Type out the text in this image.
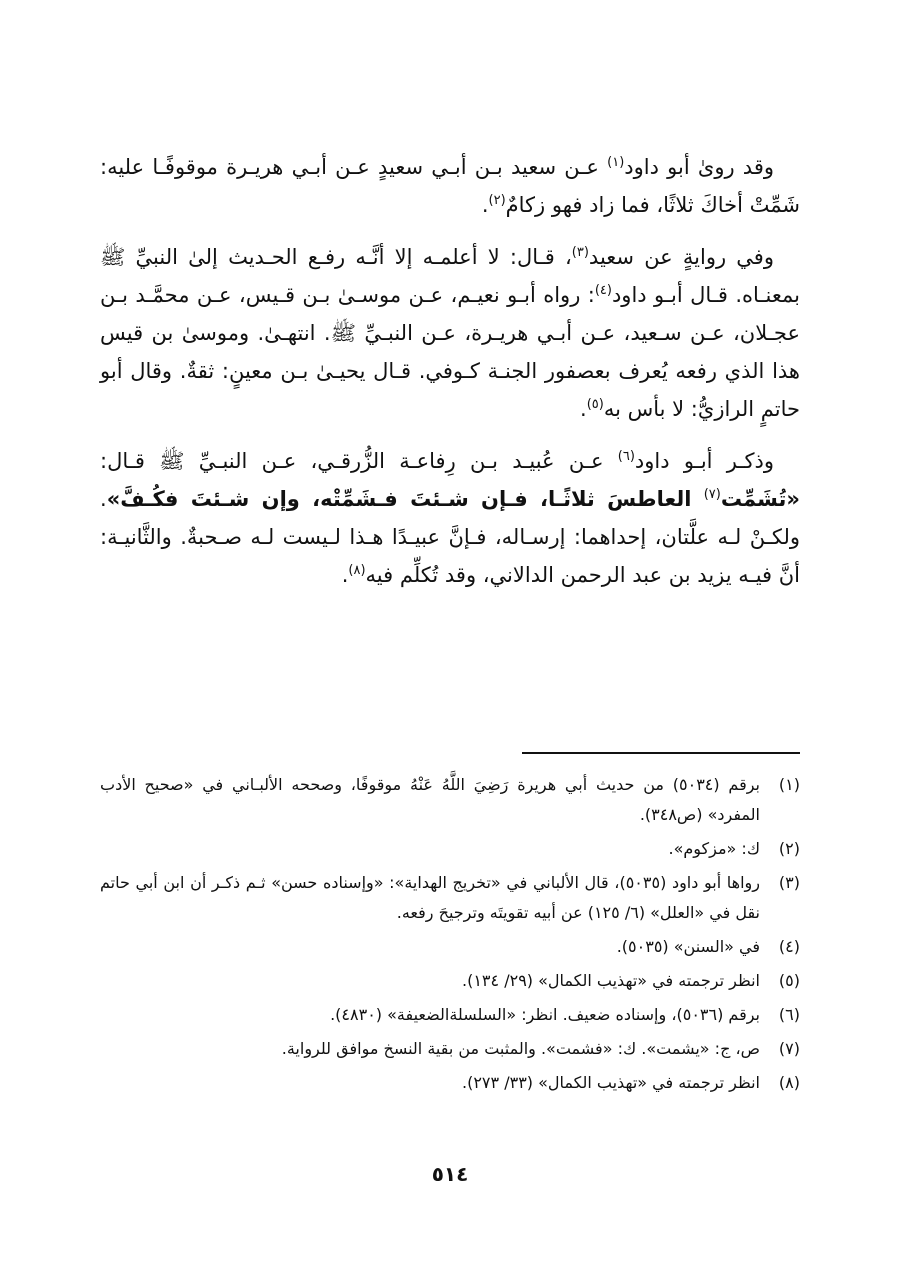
وقد روىٰ أبو داود$^{(١)}$ عـن سعيد بـن أبـي سعيدٍ عـن أبـي هريـرة موقوفًـا عليه: شَمِّتْ أخاكَ ثلاثًا، فما زاد فهو زكامٌ$^{(٢)}$.

وفي روايةٍ عن سعيد$^{(٣)}$، قـال: لا أعلمـه إلا أنَّـه رفـع الحـديث إلىٰ النبيِّ ﷺ بمعنـاه. قـال أبـو داود$^{(٤)}$: رواه أبـو نعيـم، عـن موسـىٰ بـن قـيس، عـن محمَّـد بـن عجـلان، عـن سـعيد، عـن أبـي هريـرة، عـن النبـيِّ ﷺ. انتهـىٰ. وموسىٰ بن قيس هذا الذي رفعه يُعرف بعصفور الجنـة كـوفي. قـال يحيـىٰ بـن معينٍ: ثقةٌ. وقال أبو حاتمٍ الرازيُّ: لا بأس به$^{(٥)}$.

وذكـر أبـو داود$^{(٦)}$ عـن عُبيـد بـن رِفاعـة الزُّرقـي، عـن النبـيِّ ﷺ قـال: «تُشَمِّت$^{(٧)}$ العاطسَ ثلاثًـا، فـإن شـئتَ فـشَمِّتْه، وإن شـئتَ فكُـفَّ». ولكـنْ لـه علَّتان، إحداهما: إرسـاله، فـإنَّ عبيـدًا هـذا لـيست لـه صـحبةٌ. والثَّانيـة: أنَّ فيـه يزيد بن عبد الرحمن الدالاني، وقد تُكلِّم فيه$^{(٨)}$.

(١)
برقم (٥٠٣٤) من حديث أبي هريرة رَضِيَ اللَّهُ عَنْهُ موقوفًا، وصححه الألبـاني في «صحيح الأدب المفرد» (ص٣٤٨).
(٢)
ك: «مزكوم».
(٣)
رواها أبو داود (٥٠٣٥)، قال الألباني في «تخريج الهداية»: «وإسناده حسن» ثـم ذكـر أن ابن أبي حاتم نقل في «العلل» (٦/ ١٢٥) عن أبيه تقويتَه وترجيحَ رفعه.
(٤)
في «السنن» (٥٠٣٥).
(٥)
انظر ترجمته في «تهذيب الكمال» (٢٩/ ١٣٤).
(٦)
برقم (٥٠٣٦)، وإسناده ضعيف. انظر: «السلسلةالضعيفة» (٤٨٣٠).
(٧)
ص، ج: «يشمت». ك: «فشمت». والمثبت من بقية النسخ موافق للرواية.
(٨)
انظر ترجمته في «تهذيب الكمال» (٣٣/ ٢٧٣).
٥١٤
